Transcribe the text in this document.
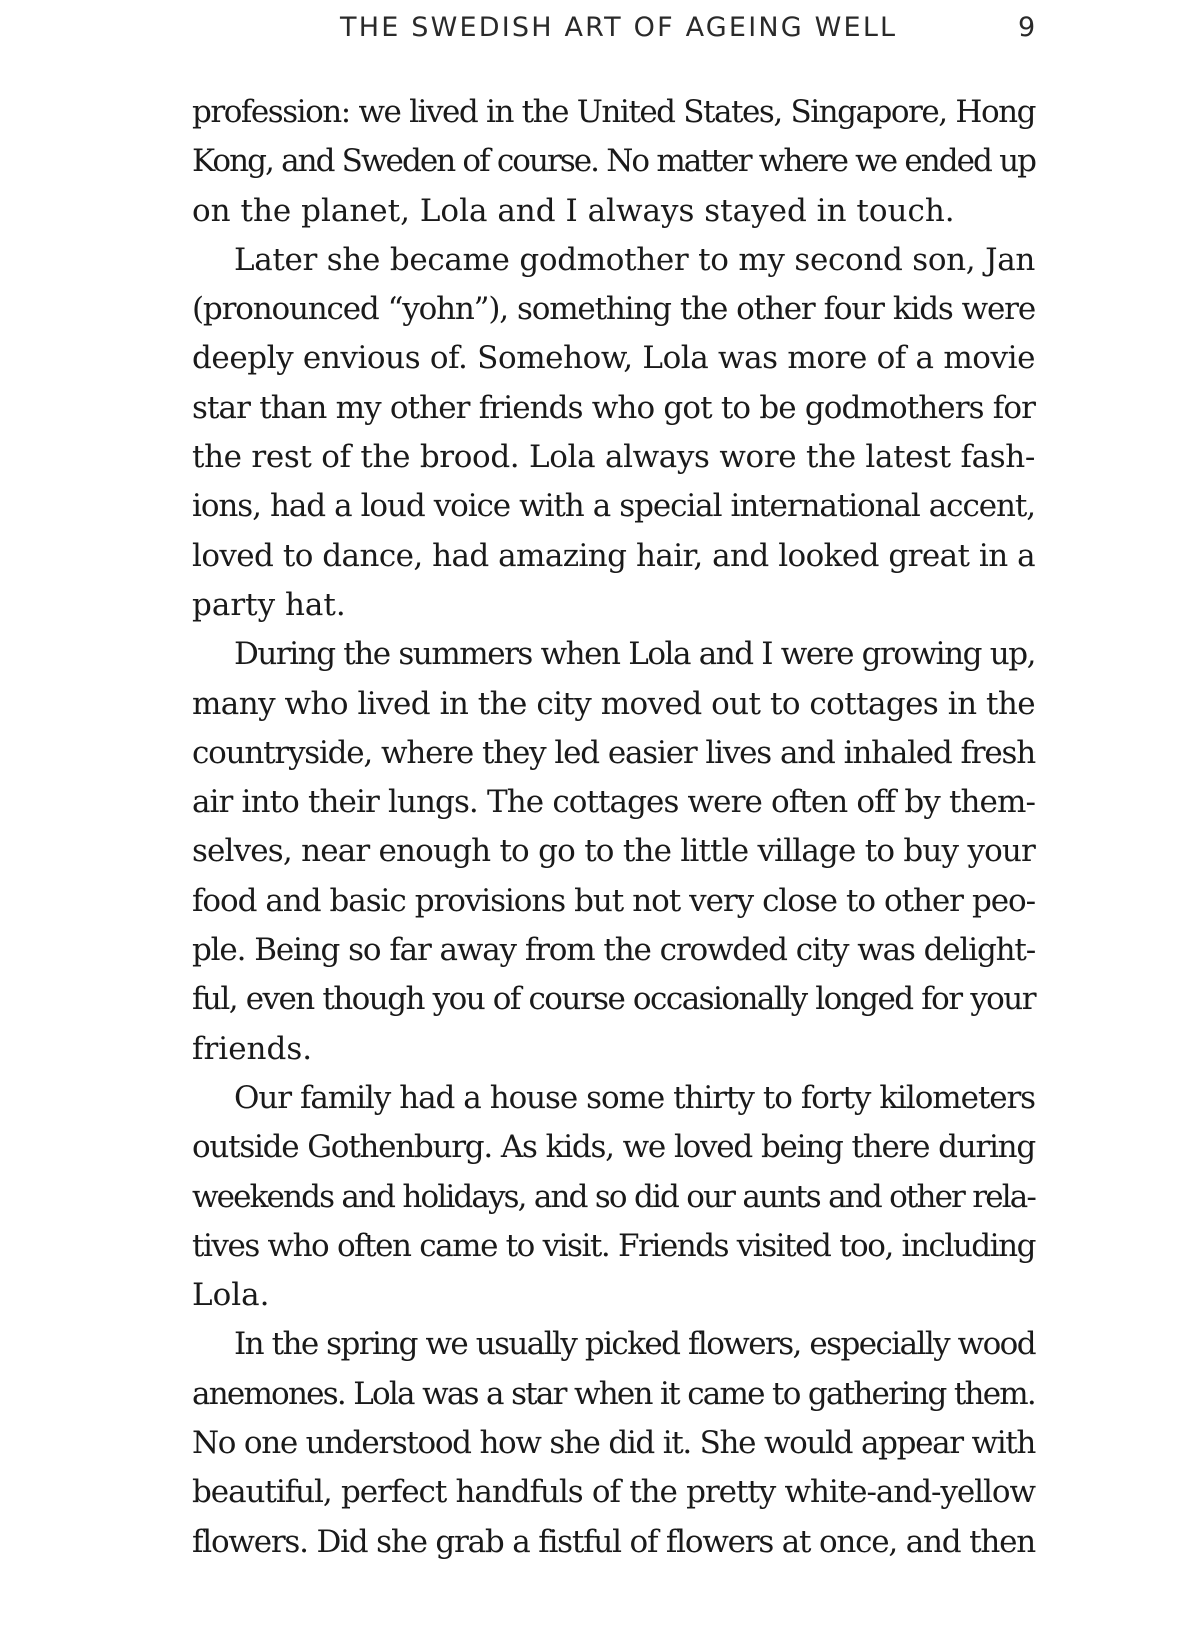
THE SWEDISH ART OF AGEING WELL	9
profession: we lived in the United States, Singapore, Hong
Kong, and Sweden of course. No matter where we ended up
on the planet, Lola and I always stayed in touch.
Later she became godmother to my second son, Jan
(pronounced “yohn”), something the other four kids were
deeply envious of. Somehow, Lola was more of a movie
star than my other friends who got to be godmothers for
the rest of the brood. Lola always wore the latest fash-
ions, had a loud voice with a special international accent,
loved to dance, had amazing hair, and looked great in a
party hat.
During the summers when Lola and I were growing up,
many who lived in the city moved out to cottages in the
countryside, where they led easier lives and inhaled fresh
air into their lungs. The cottages were often off by them-
selves, near enough to go to the little village to buy your
food and basic provisions but not very close to other peo-
ple. Being so far away from the crowded city was delight-
ful, even though you of course occasionally longed for your
friends.
Our family had a house some thirty to forty kilometers
outside Gothenburg. As kids, we loved being there during
weekends and holidays, and so did our aunts and other rela-
tives who often came to visit. Friends visited too, including
Lola.
In the spring we usually picked flowers, especially wood
anemones. Lola was a star when it came to gathering them.
No one understood how she did it. She would appear with
beautiful, perfect handfuls of the pretty white-and-yellow
flowers. Did she grab a fistful of flowers at once, and then
